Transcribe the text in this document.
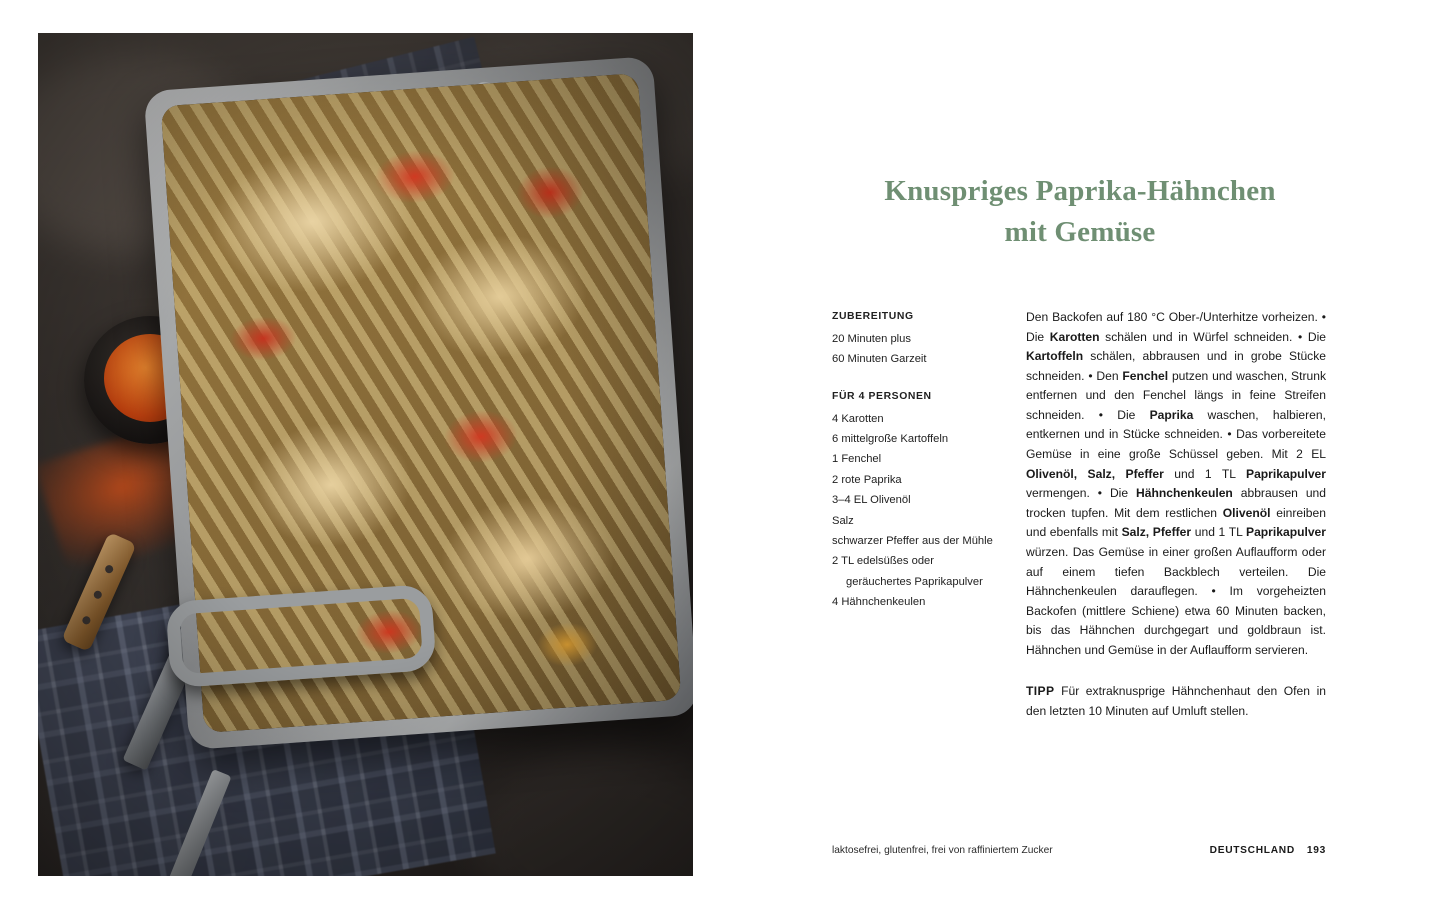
Knuspriges Paprika-Hähnchen
mit Gemüse
ZUBEREITUNG
20 Minuten plus
60 Minuten Garzeit
FÜR 4 PERSONEN
4 Karotten
6 mittelgroße Kartoffeln
1 Fenchel
2 rote Paprika
3–4 EL Olivenöl
Salz
schwarzer Pfeffer aus der Mühle
2 TL edelsüßes oder
geräuchertes Paprikapulver
4 Hähnchenkeulen
Den Backofen auf 180 °C Ober-/Unterhitze vorheizen. • Die Karotten schälen und in Würfel schneiden. • Die Kartoffeln schälen, abbrausen und in grobe Stücke schneiden. • Den Fenchel putzen und waschen, Strunk entfernen und den Fenchel längs in feine Streifen schneiden. • Die Paprika waschen, halbieren, entkernen und in Stücke schneiden. • Das vorbereitete Gemüse in eine große Schüssel geben. Mit 2 EL Olivenöl, Salz, Pfeffer und 1 TL Paprikapulver vermengen. • Die Hähnchenkeulen abbrausen und trocken tupfen. Mit dem restlichen Olivenöl einreiben und ebenfalls mit Salz, Pfeffer und 1 TL Paprikapulver würzen. Das Gemüse in einer großen Auflaufform oder auf einem tiefen Backblech verteilen. Die Hähnchenkeulen darauflegen. • Im vorgeheizten Backofen (mittlere Schiene) etwa 60 Minuten backen, bis das Hähnchen durchgegart und goldbraun ist. Hähnchen und Gemüse in der Auflaufform servieren.
TIPP Für extraknusprige Hähnchenhaut den Ofen in den letzten 10 Minuten auf Umluft stellen.
laktosefrei, glutenfrei, frei von raffiniertem Zucker	DEUTSCHLAND 193
